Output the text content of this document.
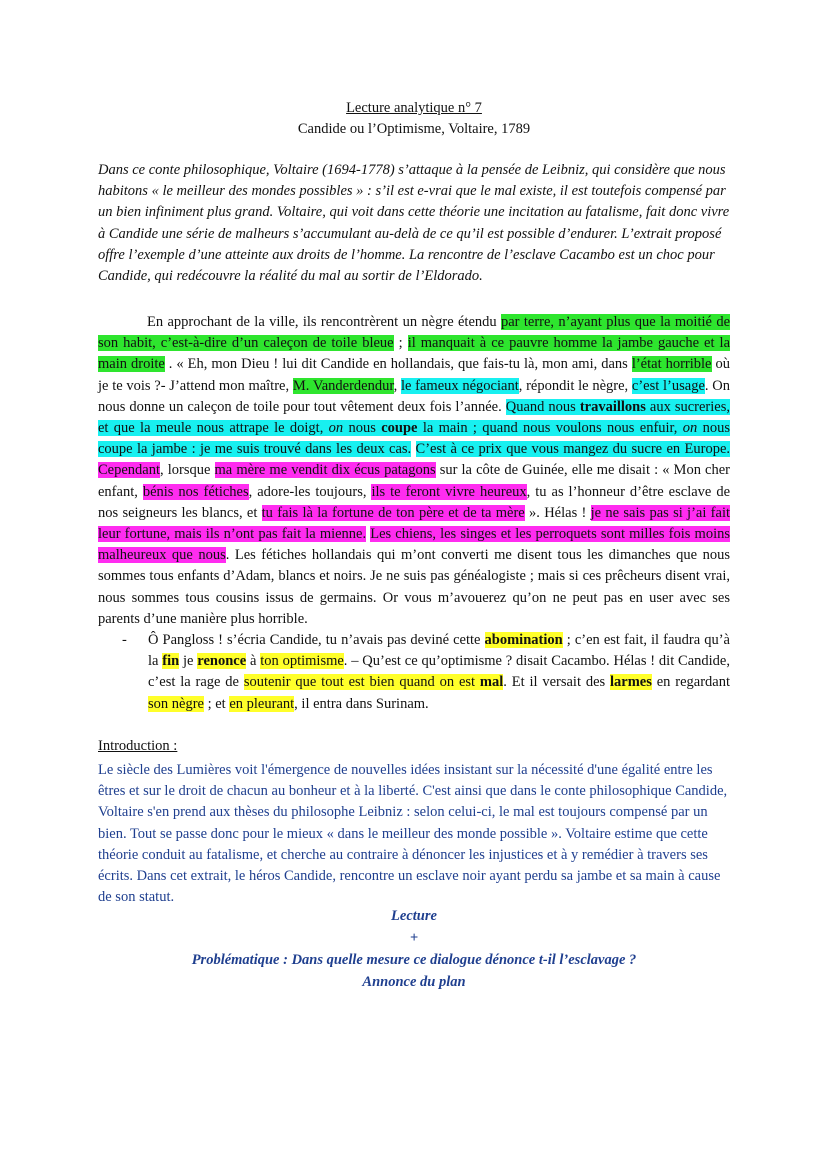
Lecture analytique n° 7
Candide ou l’Optimisme, Voltaire, 1789
Dans ce conte philosophique, Voltaire (1694-1778) s’attaque à la pensée de Leibniz, qui considère que nous habitons « le meilleur des mondes possibles » : s’il est e-vrai que le mal existe, il est toutefois compensé par un bien infiniment plus grand. Voltaire, qui voit dans cette théorie une incitation au fatalisme, fait donc vivre à Candide une série de malheurs s’accumulant au-delà de ce qu’il est possible d’endurer. L’extrait proposé offre l’exemple d’une atteinte aux droits de l’homme. La rencontre de l’esclave Cacambo est un choc pour Candide, qui redécouvre la réalité du mal au sortir de l’Eldorado.

En approchant de la ville, ils rencontrèrent un nègre étendu par terre, n’ayant plus que la moitié de son habit, c’est-à-dire d’un caleçon de toile bleue ; il manquait à ce pauvre homme la jambe gauche et la main droite . « Eh, mon Dieu ! lui dit Candide en hollandais, que fais-tu là, mon ami, dans l’état horrible où je te vois ?- J’attend mon maître, M. Vanderdendur, le fameux négociant, répondit le nègre, c’est l’usage. On nous donne un caleçon de toile pour tout vêtement deux fois l’année. Quand nous travaillons aux sucreries, et que la meule nous attrape le doigt, on nous coupe la main ; quand nous voulons nous enfuir, on nous coupe la jambe : je me suis trouvé dans les deux cas. C’est à ce prix que vous mangez du sucre en Europe. Cependant, lorsque ma mère me vendit dix écus patagons sur la côte de Guinée, elle me disait : « Mon cher enfant, bénis nos fétiches, adore-les toujours, ils te feront vivre heureux, tu as l’honneur d’être esclave de nos seigneurs les blancs, et tu fais là la fortune de ton père et de ta mère ». Hélas ! je ne sais pas si j’ai fait leur fortune, mais ils n’ont pas fait la mienne. Les chiens, les singes et les perroquets sont milles fois moins malheureux que nous. Les fétiches hollandais qui m’ont converti me disent tous les dimanches que nous sommes tous enfants d’Adam, blancs et noirs. Je ne suis pas généalogiste ; mais si ces prêcheurs disent vrai, nous sommes tous cousins issus de germains. Or vous m’avouerez qu’on ne peut pas en user avec ses parents d’une manière plus horrible.

- Ô Pangloss ! s’écria Candide, tu n’avais pas deviné cette abomination ; c’en est fait, il faudra qu’à la fin je renonce à ton optimisme. – Qu’est ce qu’optimisme ? disait Cacambo. Hélas ! dit Candide, c’est la rage de soutenir que tout est bien quand on est mal. Et il versait des larmes en regardant son nègre ; et en pleurant, il entra dans Surinam.
Introduction :
Le siècle des Lumières voit l'émergence de nouvelles idées insistant sur la nécessité d'une égalité entre les êtres et sur le droit de chacun au bonheur et à la liberté. C'est ainsi que dans le conte philosophique Candide, Voltaire s'en prend aux thèses du philosophe Leibniz : selon celui-ci, le mal est toujours compensé par un bien. Tout se passe donc pour le mieux « dans le meilleur des monde possible ». Voltaire estime que cette théorie conduit au fatalisme, et cherche au contraire à dénoncer les injustices et à y remédier à travers ses écrits. Dans cet extrait, le héros Candide, rencontre un esclave noir ayant perdu sa jambe et sa main à cause de son statut.
Lecture
+
Problématique : Dans quelle mesure ce dialogue dénonce t-il l’esclavage ?
Annonce du plan
